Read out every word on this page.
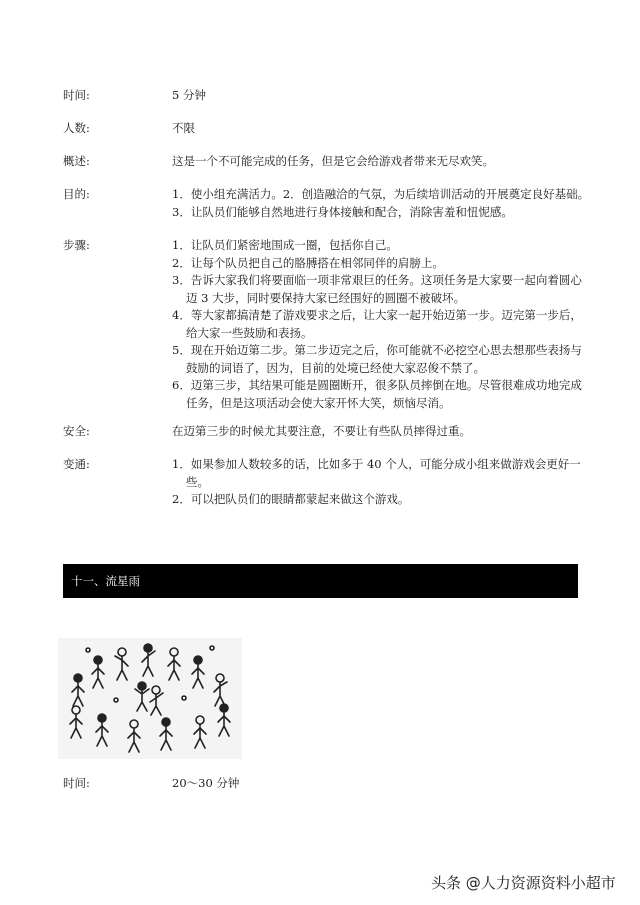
时间:	5 分钟
人数:	不限
概述:	这是一个不可能完成的任务，但是它会给游戏者带来无尽欢笑。
目的:	1．使小组充满活力。2．创造融洽的气氛，为后续培训活动的开展奠定良好基础。
3．让队员们能够自然地进行身体接触和配合，消除害羞和忸怩感。
步骤:	1．让队员们紧密地围成一圈，包括你自己。
2．让每个队员把自己的胳膊搭在相邻同伴的肩膀上。
3．告诉大家我们将要面临一项非常艰巨的任务。这项任务是大家要一起向着圆心
迈 3 大步，同时要保持大家已经围好的圆圈不被破坏。
4．等大家都搞清楚了游戏要求之后，让大家一起开始迈第一步。迈完第一步后，
给大家一些鼓励和表扬。
5．现在开始迈第二步。第二步迈完之后，你可能就不必挖空心思去想那些表扬与
鼓励的词语了，因为，目前的处境已经使大家忍俊不禁了。
6．迈第三步，其结果可能是圆圈断开，很多队员摔倒在地。尽管很难成功地完成
任务，但是这项活动会使大家开怀大笑，烦恼尽消。
安全:	在迈第三步的时候尤其要注意，不要让有些队员摔得过重。
变通:	1．如果参加人数较多的话，比如多于 40 个人，可能分成小组来做游戏会更好一
些。
2．可以把队员们的眼睛都蒙起来做这个游戏。
十一、流星雨
时间:	20～30 分钟
头条 @人力资源资料小超市
